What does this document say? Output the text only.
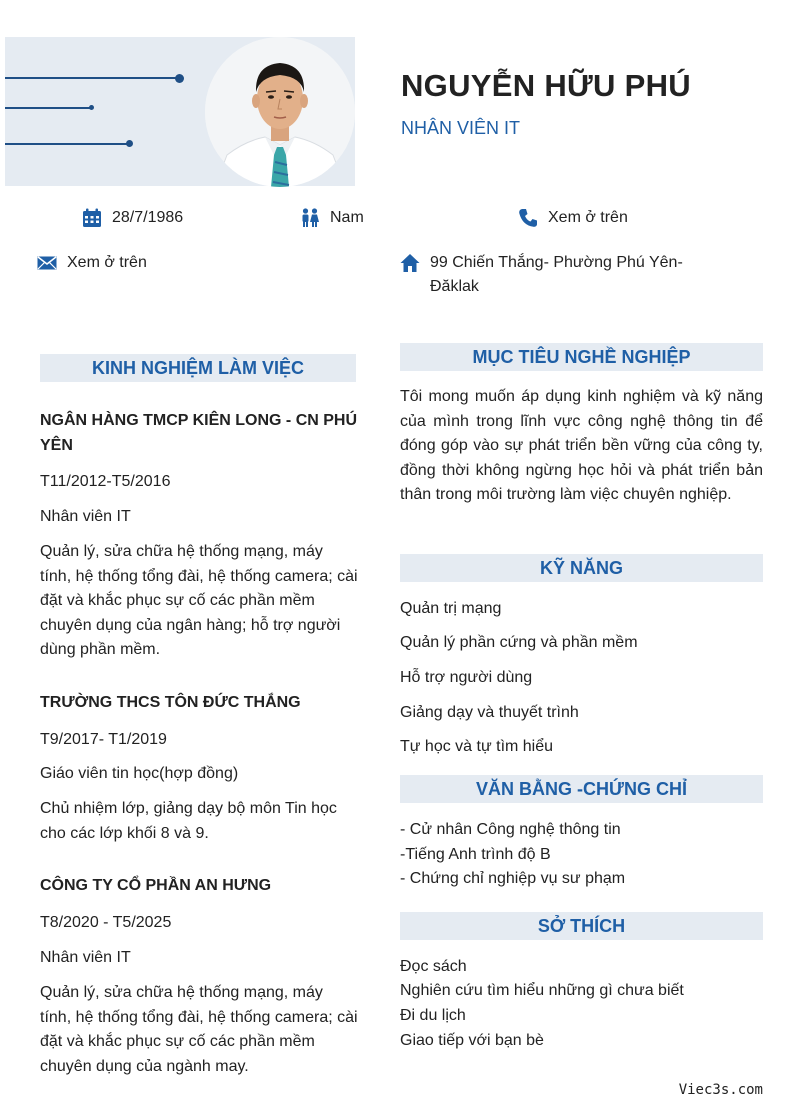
NGUYỄN HỮU PHÚ
NHÂN VIÊN IT
28/7/1986	Nam	Xem ở trên
Xem ở trên	99 Chiến Thắng- Phường Phú Yên- Đăklak
KINH NGHIỆM LÀM VIỆC
NGÂN HÀNG TMCP KIÊN LONG - CN PHÚ YÊN
T11/2012-T5/2016
Nhân viên IT
Quản lý, sửa chữa hệ thống mạng, máy tính, hệ thống tổng đài, hệ thống camera; cài đặt và khắc phục sự cố các phần mềm chuyên dụng của ngân hàng; hỗ trợ người dùng phần mềm.
TRƯỜNG THCS TÔN ĐỨC THẮNG
T9/2017- T1/2019
Giáo viên tin học(hợp đồng)
Chủ nhiệm lớp, giảng dạy bộ môn Tin học cho các lớp khối 8 và 9.
CÔNG TY CỔ PHẦN AN HƯNG
T8/2020 - T5/2025
Nhân viên IT
Quản lý, sửa chữa hệ thống mạng, máy tính, hệ thống tổng đài, hệ thống camera; cài đặt và khắc phục sự cố các phần mềm chuyên dụng của ngành may.
MỤC TIÊU NGHỀ NGHIỆP
Tôi mong muốn áp dụng kinh nghiệm và kỹ năng của mình trong lĩnh vực công nghệ thông tin để đóng góp vào sự phát triển bền vững của công ty, đồng thời không ngừng học hỏi và phát triển bản thân trong môi trường làm việc chuyên nghiệp.
KỸ NĂNG
Quản trị mạng
Quản lý phần cứng và phần mềm
Hỗ trợ người dùng
Giảng dạy và thuyết trình
Tự học và tự tìm hiểu
VĂN BẰNG -CHỨNG CHỈ
- Cử nhân Công nghệ thông tin
-Tiếng Anh trình độ B
- Chứng chỉ nghiệp vụ sư phạm
SỞ THÍCH
Đọc sách
Nghiên cứu tìm hiểu những gì chưa biết
Đi du lịch
Giao tiếp với bạn bè
Viec3s.com
